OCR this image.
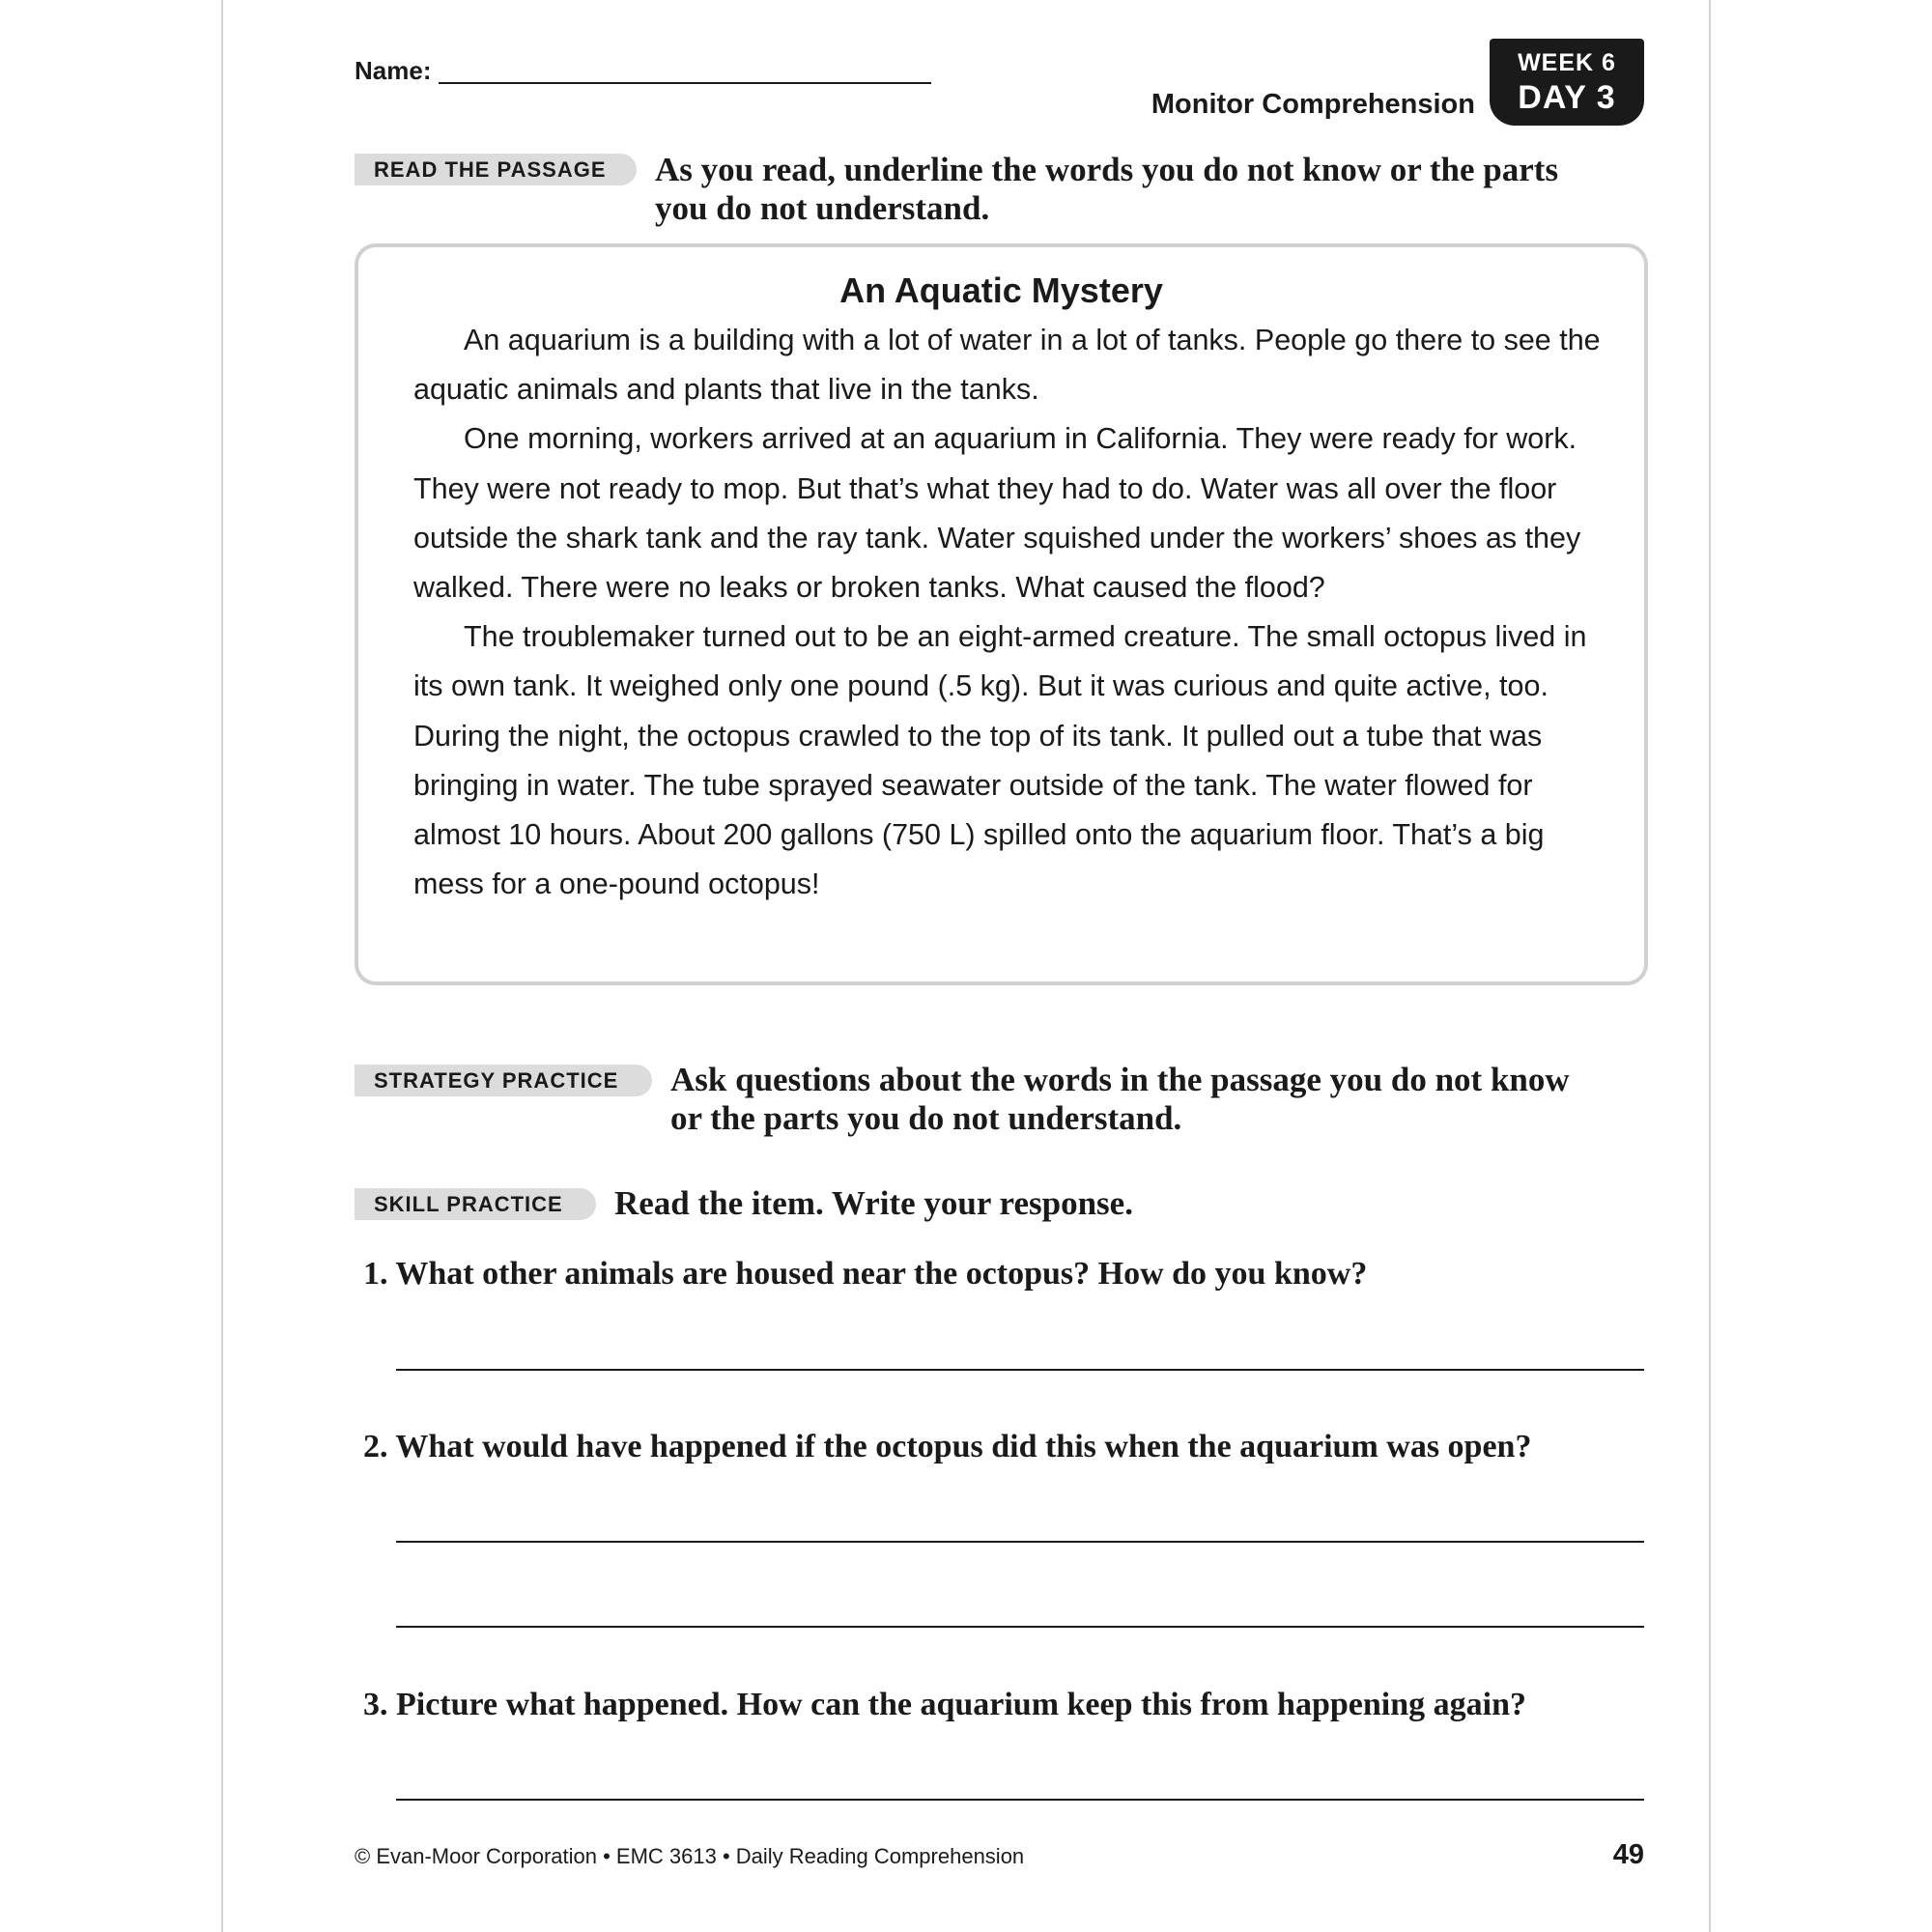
Name:
Monitor Comprehension
WEEK 6
DAY 3
READ THE PASSAGE	As you read, underline the words you do not know or the parts
you do not understand.
An Aquatic Mystery

An aquarium is a building with a lot of water in a lot of tanks. People go there to see the aquatic animals and plants that live in the tanks.

One morning, workers arrived at an aquarium in California. They were ready for work. They were not ready to mop. But that’s what they had to do. Water was all over the floor outside the shark tank and the ray tank. Water squished under the workers’ shoes as they walked. There were no leaks or broken tanks. What caused the flood?

The troublemaker turned out to be an eight-armed creature. The small octopus lived in its own tank. It weighed only one pound (.5 kg). But it was curious and quite active, too. During the night, the octopus crawled to the top of its tank. It pulled out a tube that was bringing in water. The tube sprayed seawater outside of the tank. The water flowed for almost 10 hours. About 200 gallons (750 L) spilled onto the aquarium floor. That’s a big mess for a one-pound octopus!

STRATEGY PRACTICE	Ask questions about the words in the passage you do not know
or the parts you do not understand.
SKILL PRACTICE	Read the item. Write your response.
1. What other animals are housed near the octopus? How do you know?
2. What would have happened if the octopus did this when the aquarium was open?
3. Picture what happened. How can the aquarium keep this from happening again?
© Evan-Moor Corporation • EMC 3613 • Daily Reading Comprehension	49
